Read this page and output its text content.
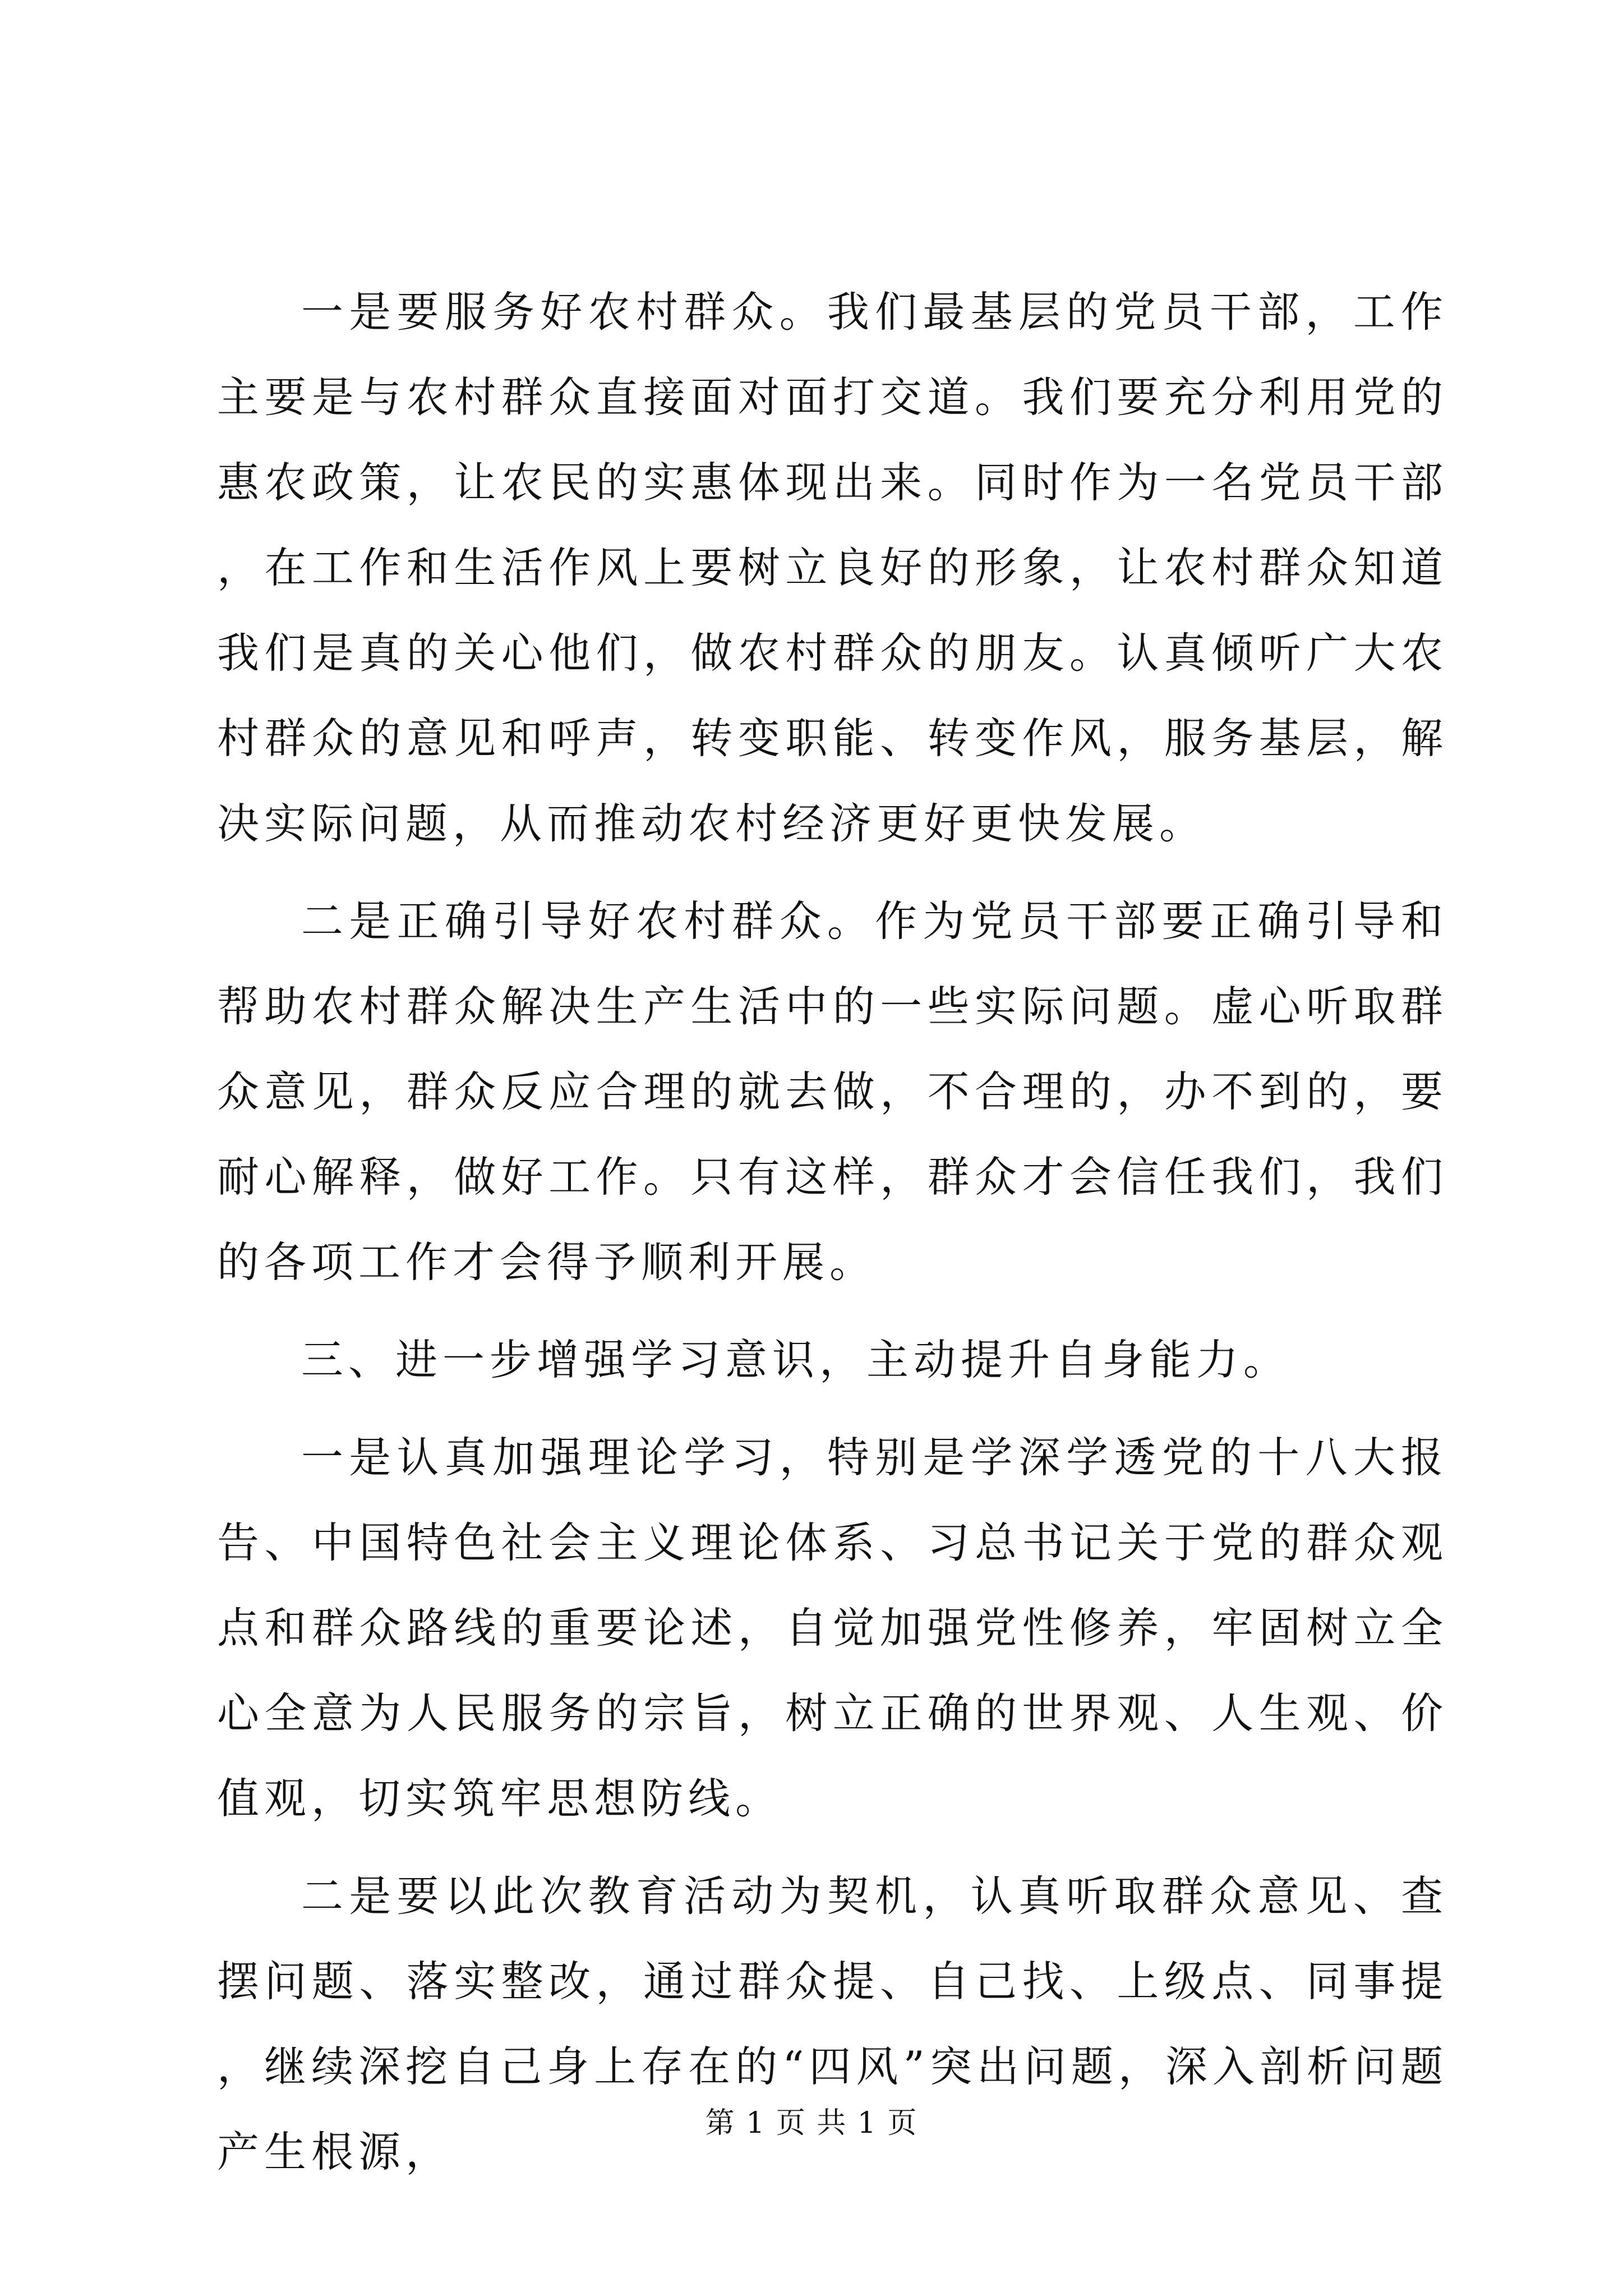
一是要服务好农村群众。我们最基层的党员干部，工作主要是与农村群众直接面对面打交道。我们要充分利用党的惠农政策，让农民的实惠体现出来。同时作为一名党员干部，在工作和生活作风上要树立良好的形象，让农村群众知道我们是真的关心他们，做农村群众的朋友。认真倾听广大农村群众的意见和呼声，转变职能、转变作风，服务基层，解决实际问题，从而推动农村经济更好更快发展。

二是正确引导好农村群众。作为党员干部要正确引导和帮助农村群众解决生产生活中的一些实际问题。虚心听取群众意见，群众反应合理的就去做，不合理的，办不到的，要耐心解释，做好工作。只有这样，群众才会信任我们，我们的各项工作才会得予顺利开展。

三、进一步增强学习意识，主动提升自身能力。

一是认真加强理论学习，特别是学深学透党的十八大报告、中国特色社会主义理论体系、习总书记关于党的群众观点和群众路线的重要论述，自觉加强党性修养，牢固树立全心全意为人民服务的宗旨，树立正确的世界观、人生观、价值观，切实筑牢思想防线。

二是要以此次教育活动为契机，认真听取群众意见、查摆问题、落实整改，通过群众提、自己找、上级点、同事提，继续深挖自己身上存在的“四风”突出问题，深入剖析问题产生根源，

第 1 页 共 1 页
